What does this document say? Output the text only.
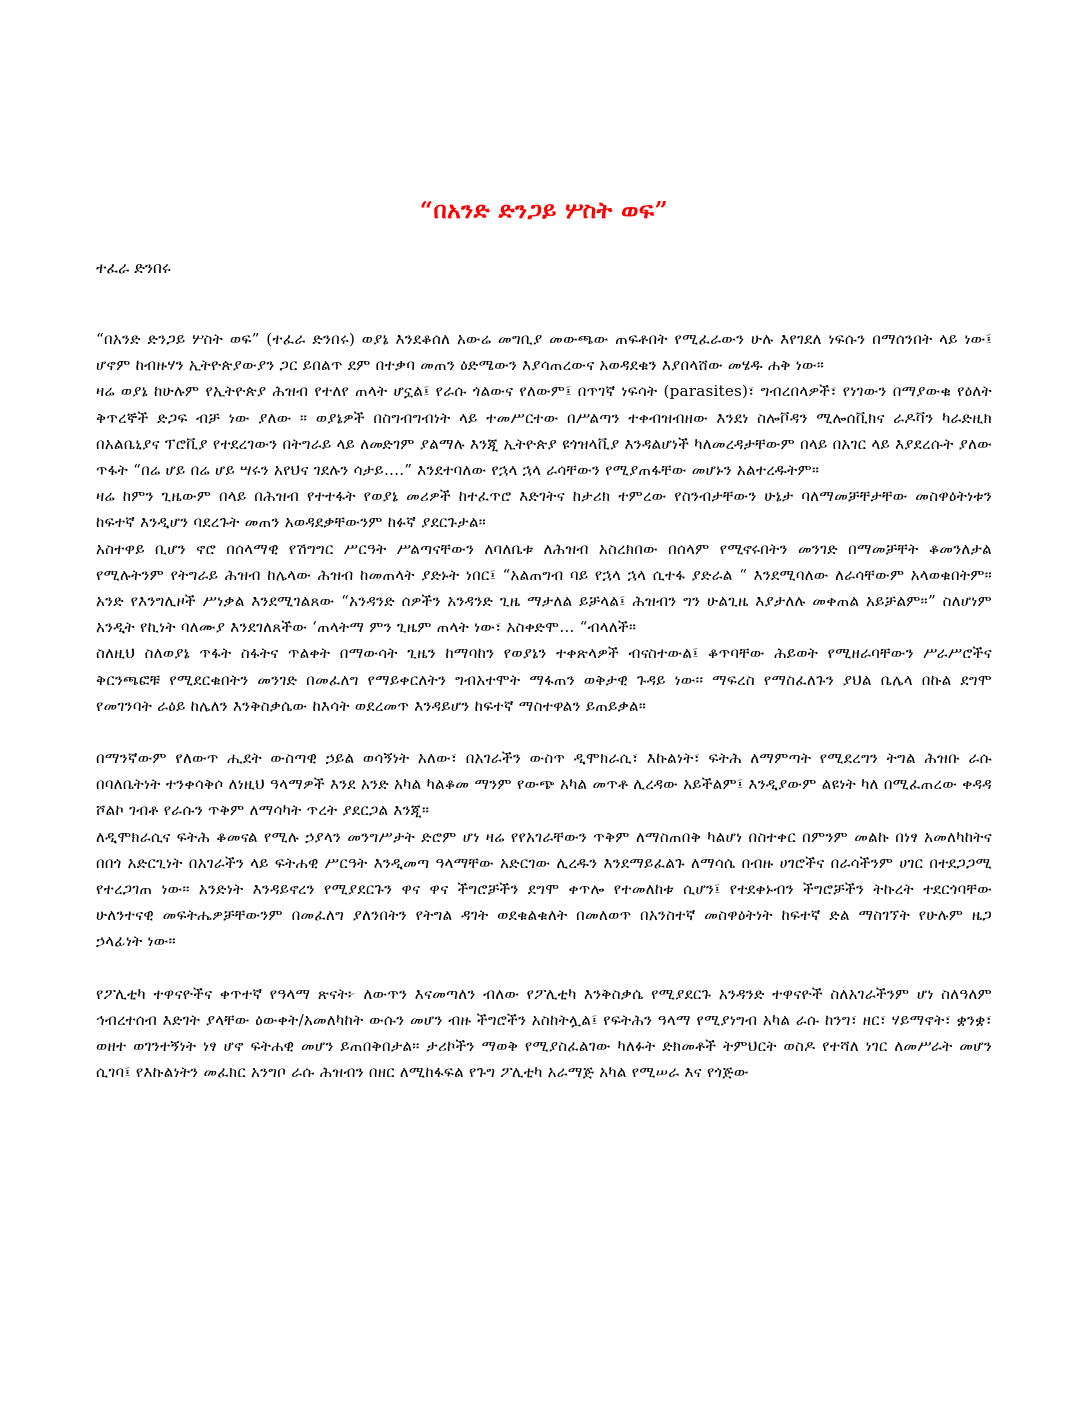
“በአንድ ድንጋይ ሦስት ወፍ”

ተፈራ ድንበሩ

“በአንድ ድንጋይ ሦስት ወፍ” (ተፈራ ድንበሩ) ወያኔ እንደቆሰለ አውሬ መግቢያ መውጫው ጠፍቶበት የሚፈራውን ሁሉ እየገደለ ነፍሱን በማሰንበት ላይ ነው፤ ሆኖም ከብዙሃን ኢትዮጵያውያን ጋር ይበልጥ ደም በተቃባ መጠን ዕድሜውን እያሳጠረውና አወዳደቁን እያበላሸው መሄዱ ሐቅ ነው።

ዛሬ ወያኔ ከሁሉም የኢትዮጵያ ሕዝብ የተለየ ጠላት ሆኗል፤ የራሱ ጎልውና የለውም፤ በጥገኛ ነፍሳት (parasites)፣ ግብረበላዎች፣ የነገውን በማያውቁ የዕለት ቅጥረኞች ድጋፍ ብቻ ነው ያለው ። ወያኔዎች በስግብግብነት ላይ ተመሥርተው በሥልጣን ተቀብዝብዘው እንደነ ስሎቮዳን ሚሎሰቪክና ራዶቫን ካራድዚክ በአልቤኒያና ፕሮቪያ የተደረገውን በትግራይ ላይ ለመድገም ያልማሉ እንጂ ኢትዮጵያ ዩጎዝላቪያ እንዳልሆነች ካለመረዳታቸውም በላይ በአገር ላይ እያደረሱት ያለው ጥፋት “በሬ ሆይ በሬ ሆይ ሣሩን አየህና ገደሉን ሳታይ….” እንደተባለው የኋላ ኋላ ራሳቸውን የሚያጠፋቸው መሆኑን አልተረዱትም።

ዛሬ ከምን ጊዜውም በላይ በሕዝብ የተተፋት የወያኔ መሪዎች ከተፈጥሮ እድገትና ከታሪክ ተምረው የስንብታቸውን ሁኔታ ባለማመቻቸታቸው መስዋዕትነቱን ከፍተኛ እንዲሆን ባደረጉት መጠን አወዳደቃቸውንም ከፉኛ ያደርጉታል።

አስተዋይ ቢሆን ኖሮ በሰላማዊ የሽግግር ሥርዓት ሥልጣናቸውን ለባለቤቱ ለሕዝብ አስረክበው በሰላም የሚኖሩበትን መንገድ በማመቻቸት ቆመንለታል የሚሉትንም የትግራይ ሕዝብ ከሌላው ሕዝብ ከመጠላት ያድኑት ነበር፤ “አልጠግብ ባይ የኋላ ኋላ ሲተፋ ያድራል “ እንደሚባለው ለራሳቸውም አላወቁበትም። አንድ የእንግሊዞች ሥነቃል እንደሚገልጸው “አንዳንድ ሰዎችን አንዳንድ ጊዜ ማታለል ይቻላል፤ ሕዝብን ግን ሁልጊዜ እያታለሉ መቀጠል አይቻልም።” ስለሆነም አንዲት የኪነት ባለሙያ እንደገለጸችው ‘ጠላትማ ምን ጊዜም ጠላት ነው፣ አስቀድሞ… “ብላለች።

ስለዚህ ስለወያኔ ጥፋት ስፋትና ጥልቀት በማውሳት ጊዜን ከማባከን የወያኔን ተቀጽላዎች ብናስተውል፤ ቆጥባቸው ሕይወት የሚዘራባቸውን ሥራሥሮችና ቅርንጫፎቹ የሚደርቁበትን መንገድ በመፈለግ የማይቀርለትን ግብአተሞት ማፋጠን ወቅታዊ ጉዳይ ነው፡፡ ማፍረስ የማስፈለጉን ያህል ቤሌላ በኩል ደግሞ የመገንባት ራዕይ ከሌለን እንቅስቃሴው ከእሳት ወደረመጥ እንዳይሆን ከፍተኛ ማስተዋልን ይጠይቃል።

በማንኛውም የለውጥ ሒደት ውስጣዊ ኃይል ወሳኝነት አለው፣ በአገራችን ውስጥ ዲሞክራሲ፣ እኩልነት፣ ፍትሕ ለማምጣት የሚደረግን ትግል ሕዝቡ ራሱ በባለቤትነት ተንቀሳቅሶ ለነዚህ ዓላማዎች እንደ አንድ አካል ካልቆመ ማንም የውጭ አካል መጥቶ ሊረዳው አይችልም፤ እንዲያውም ልዩነት ካለ በሚፈጠረው ቀዳዳ ሾልኮ ገብቶ የራሱን ጥቅም ለማሳካት ጥረት ያደርጋል እንጂ።

ለዲሞክራሲና ፍትሕ ቆመናል የሚሉ ኃያላን መንግሥታት ድሮም ሆነ ዛሬ የየአገራቸውን ጥቅም ለማስጠበቅ ካልሆነ በስተቀር በምንም መልኩ በነፃ አመለካከትና በበጎ አድርጊነት በአገራችን ላይ ፍትሐዊ ሥርዓት እንዲመጣ ዓላማቸው አድርገው ሊረዱን እንደማይፈልጉ ለማሳሴ በብዙ ሀገሮችና በራሳችንም ሀገር በተደጋጋሚ የተረጋገጠ ነው። አንድነት እንዳይኖረን የሚያደርጉን ዋና ዋና ችግሮቻችን ደግሞ ቀጥሎ የተመለከቱ ሲሆን፤ የተደቀኑብን ችግሮቻችን ትኩረት ተደርጎባቸው ሁለንተናዊ መፍትሔዎቻቸውንም በመፈለግ ያለንበትን የትግል ዳገት ወደቁልቁለት በመለወጥ በአንስተኛ መስዋዕትነት ከፍተኛ ድል ማስገኘት የሁሉም ዜጋ ኃላፊነት ነው።

የፖሊቲካ ተዋናዮችና ቀጥተኛ የዓላማ ጽናት፦ ለውጥን እናመጣለን ብለው የፖሊቲካ እንቅስቃሴ የሚያደርጉ አንዳንድ ተዋናዮች ስለአገራችንም ሆነ ስለዓለም ኅብረተሰብ እድገት ያላቸው ዕውቀት/አመለካከት ውሱን መሆን ብዙ ችግሮችን አስከትሏል፤ የፍትሕን ዓላማ የሚያነግብ አካል ራሱ ከንግ፣ ዘር፣ ሃይማኖት፣ ቋንቋ፣ ወዘተ ወገንተኝነት ነፃ ሆኖ ፍትሐዊ መሆን ይጠበቅበታል። ታሪኮችን ማወቅ የሚያስፈልገው ካለፉት ድክመቶች ትምህርት ወስዶ የተሻለ ነገር ለመሥራት መሆን ሲገባ፤ የእኩልነትን መፈክር አንግቦ ራሱ ሕዝብን በዘር ለሚከፋፍል የጉግ ፖሊቲካ አራማጅ አካል የሚሠራ እና የጎጅው
